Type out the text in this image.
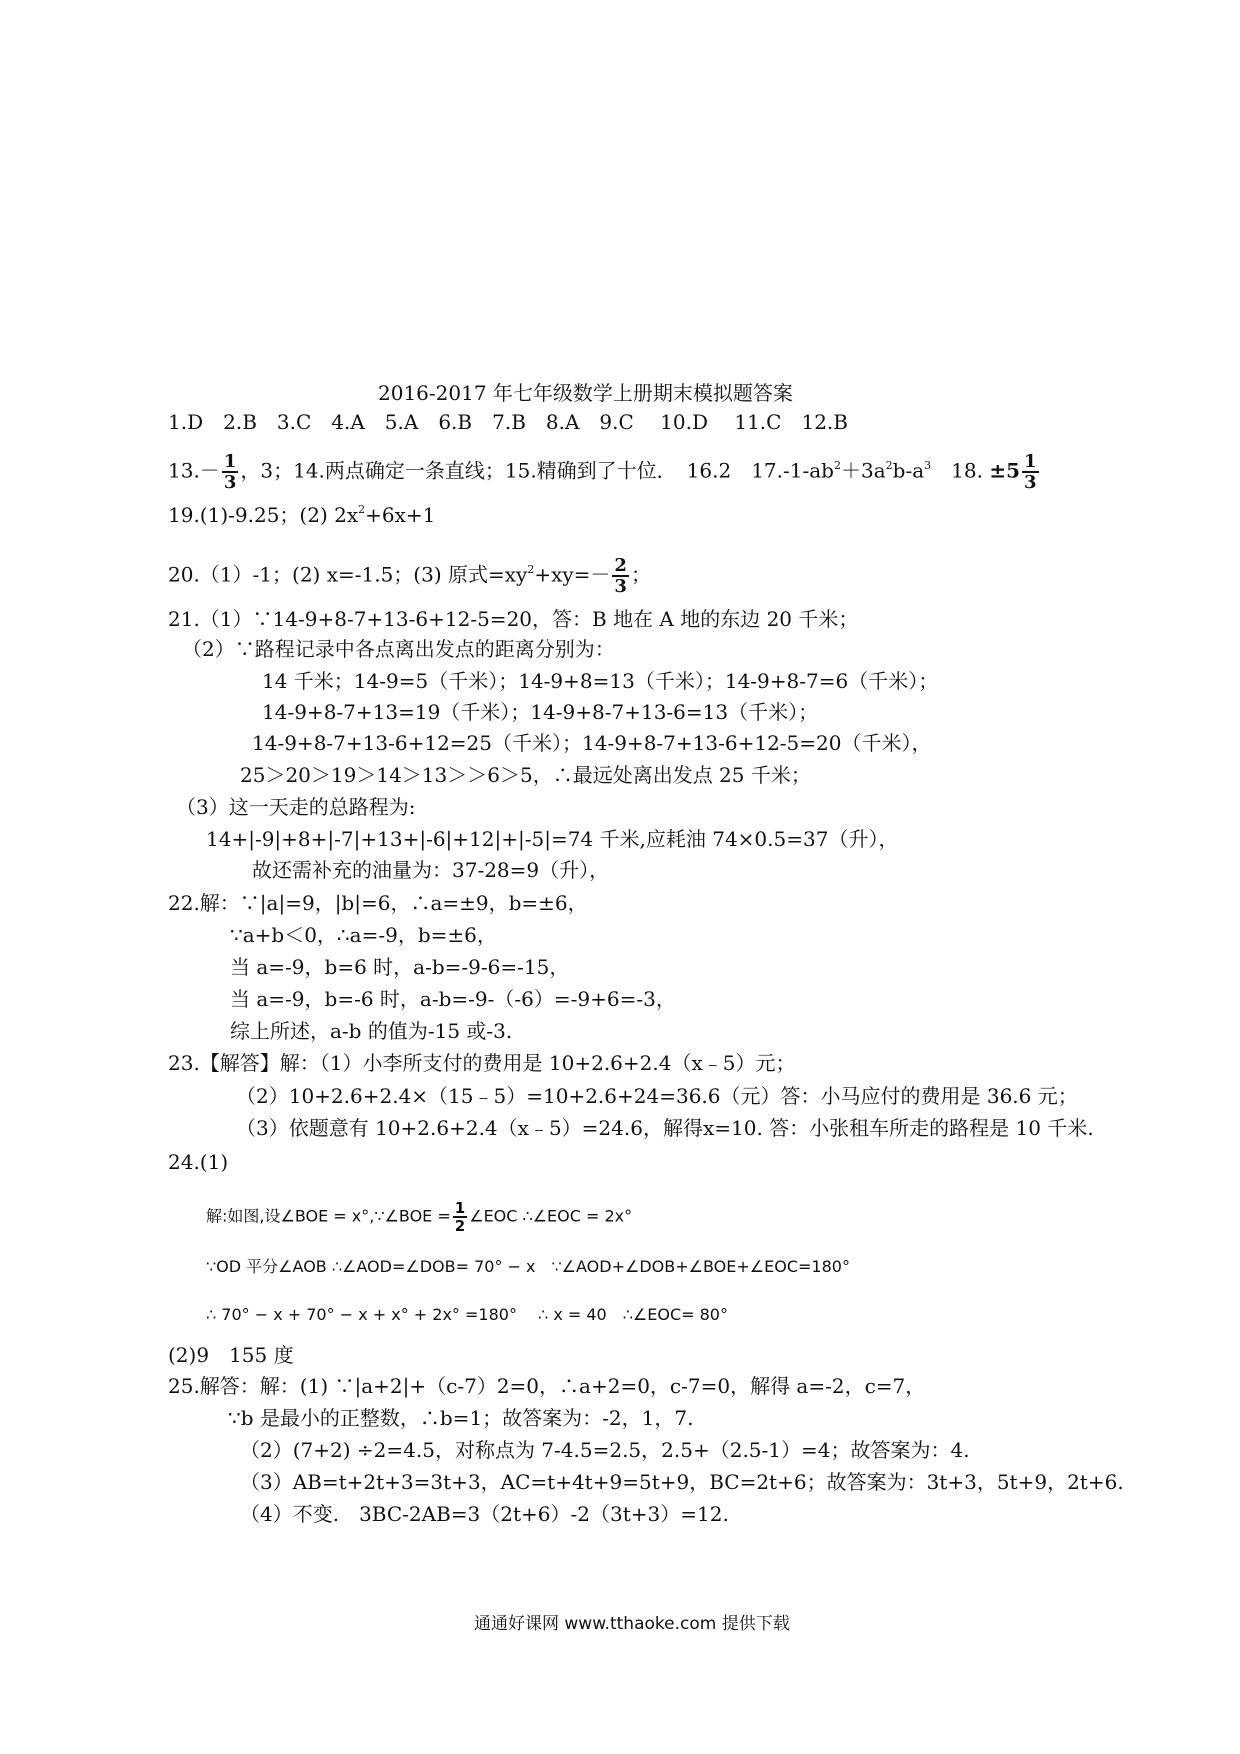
2016-2017 年七年级数学上册期末模拟题答案
1.D　2.B　3.C　4.A　5.A　6.B　7.B　8.A　9.C　 10.D　 11.C　12.B
$13.- \frac{1}{3}$ ，3；14.两点确定一条直线；15.精确到了十位．　16.2　$17.-1-ab^2+3a^2b-a^3$　18. $\pm 5 \frac{1}{3}$
19.(1)-9.25；(2) $2x^2+6x+1$
20.（1）-1；(2) x=-1.5；(3) 原式$=xy^2+xy=- \frac{2}{3}$ ；
21.（1）∵14-9+8-7+13-6+12-5=20，答：B 地在 A 地的东边 20 千米；
（2）∵路程记录中各点离出发点的距离分别为：
14 千米；14-9=5（千米）；14-9+8=13（千米）；14-9+8-7=6（千米）；
14-9+8-7+13=19（千米）；14-9+8-7+13-6=13（千米）；
14-9+8-7+13-6+12=25（千米）；14-9+8-7+13-6+12-5=20（千米），
25＞20＞19＞14＞13＞＞6＞5，∴最远处离出发点 25 千米；
（3）这一天走的总路程为:
14+|-9|+8+|-7|+13+|-6|+12|+|-5|=74 千米,应耗油 74×0.5=37（升），
故还需补充的油量为：37-28=9（升），
22.解：∵|a|=9，|b|=6，∴a=±9，b=±6，
∵a+b＜0，∴a=-9，b=±6，
当 a=-9，b=6 时，a-b=-9-6=-15，
当 a=-9，b=-6 时，a-b=-9-（-6）=-9+6=-3，
综上所述，a-b 的值为-15 或-3.
23.【解答】解：（1）小李所支付的费用是 10+2.6+2.4（x﹣5）元；
（2）10+2.6+2.4×（15﹣5）=10+2.6+24=36.6（元）答：小马应付的费用是 36.6 元；
（3）依题意有 10+2.6+2.4（x﹣5）=24.6，解得x=10. 答：小张租车所走的路程是 10 千米.
24.(1)
解:如图,设∠BOE = x°,∵∠BOE = $\frac{1}{2}$ ∠EOC ∴∠EOC = 2x°
∵OD 平分∠AOB ∴∠AOD=∠DOB= 70° − x　∵∠AOD+∠DOB+∠BOE+∠EOC=180°
∴ 70° − x + 70° − x + x° + 2x° =180°　 ∴ x = 40　∴∠EOC= 80°
(2)9　155 度
25.解答：解：(1) ∵|a+2|+（c-7）2=0，∴a+2=0，c-7=0，解得 a=-2，c=7，
∵b 是最小的正整数，∴b=1；故答案为：-2，1，7.
（2）(7+2) ÷2=4.5，对称点为 7-4.5=2.5，2.5+（2.5-1）=4；故答案为：4.
（3）AB=t+2t+3=3t+3，AC=t+4t+9=5t+9，BC=2t+6；故答案为：3t+3，5t+9，2t+6.
（4）不变.　3BC-2AB=3（2t+6）-2（3t+3）=12.
通通好课网 www.tthaoke.com 提供下载
